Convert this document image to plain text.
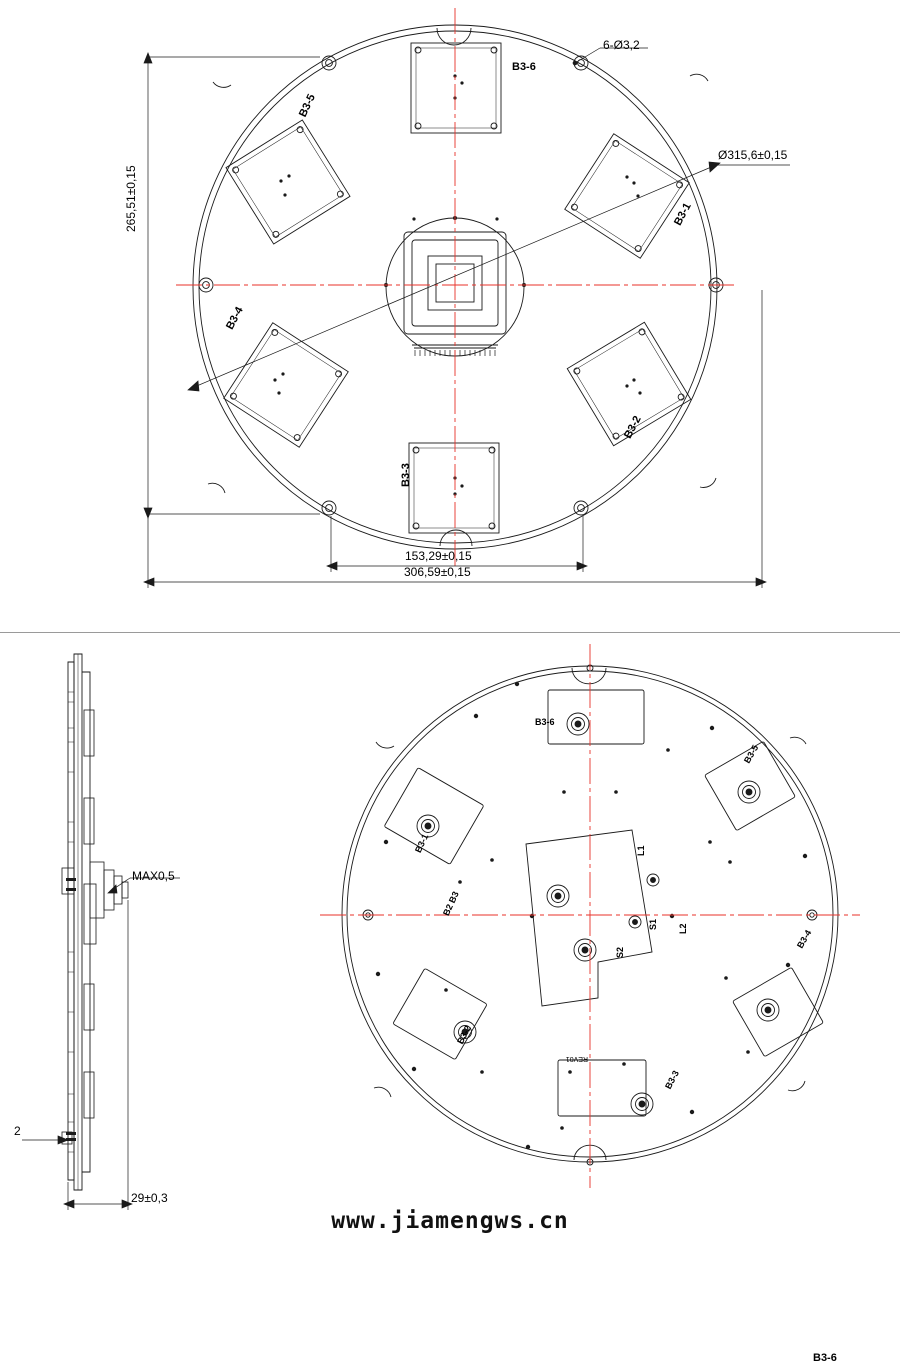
265,51±0,15
153,29±0,15
306,59±0,15
Ø315,6±0,15
6-Ø3,2
B3-6
B3-5
B3-1
B3-2
B3-3
B3-4
MAX0,5
2
29±0,3
B3-6
B3-6
B3-5
B3-1
B2 B3
B3-2
B3-3
B3-4
L1
L2
S2
S1
REV01
www.jiamengws.cn
